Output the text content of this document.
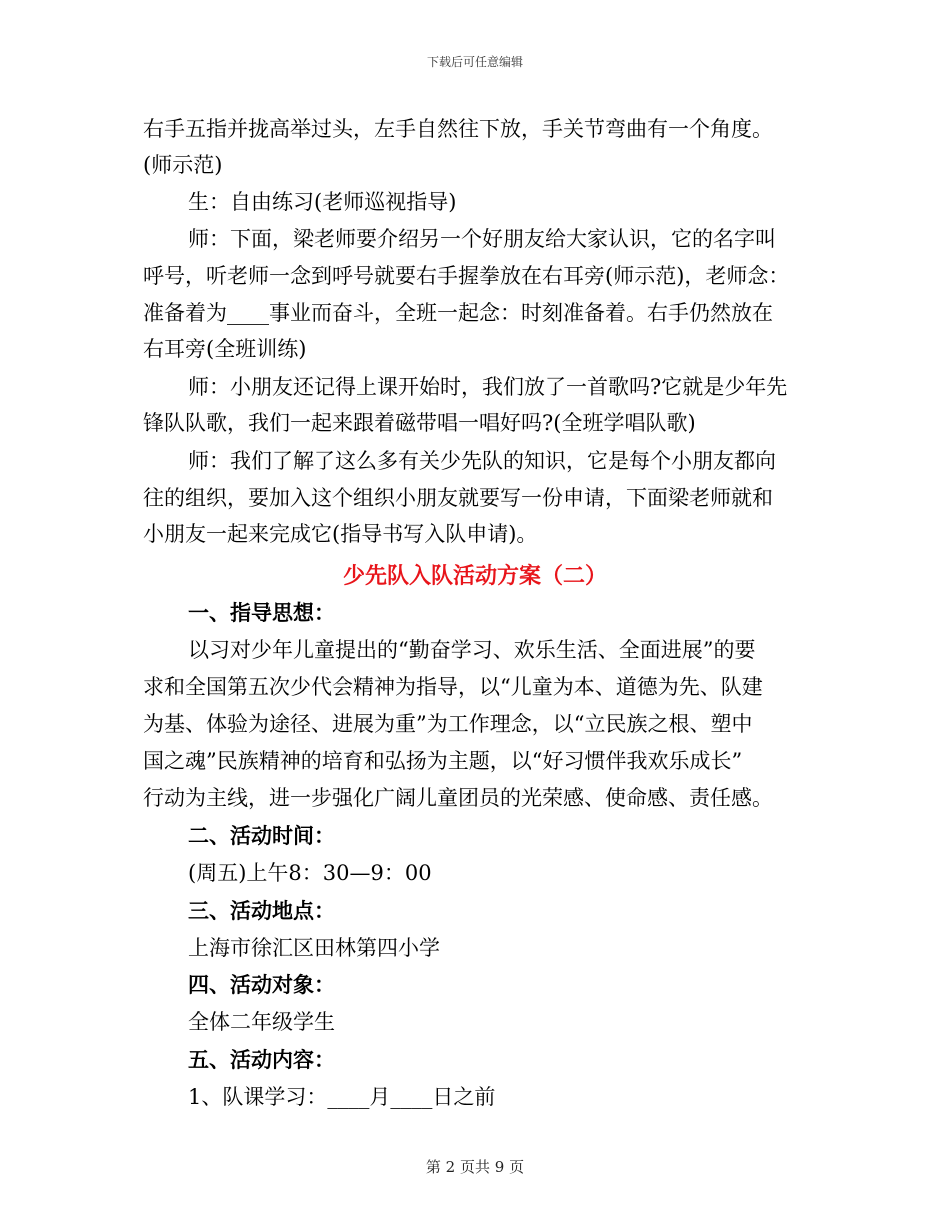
下载后可任意编辑
右手五指并拢高举过头，左手自然往下放，手关节弯曲有一个角度。
(师示范)
生：自由练习(老师巡视指导)
师：下面，梁老师要介绍另一个好朋友给大家认识，它的名字叫
呼号，听老师一念到呼号就要右手握拳放在右耳旁(师示范)，老师念：
准备着为____事业而奋斗，全班一起念：时刻准备着。右手仍然放在
右耳旁(全班训练)
师：小朋友还记得上课开始时，我们放了一首歌吗?它就是少年先
锋队队歌，我们一起来跟着磁带唱一唱好吗?(全班学唱队歌)
师：我们了解了这么多有关少先队的知识，它是每个小朋友都向
往的组织，要加入这个组织小朋友就要写一份申请，下面梁老师就和
小朋友一起来完成它(指导书写入队申请)。
少先队入队活动方案（二）
一、指导思想：
以习对少年儿童提出的“勤奋学习、欢乐生活、全面进展”的要
求和全国第五次少代会精神为指导，以“儿童为本、道德为先、队建
为基、体验为途径、进展为重”为工作理念，以“立民族之根、塑中
国之魂”民族精神的培育和弘扬为主题，以“好习惯伴我欢乐成长”
行动为主线，进一步强化广阔儿童团员的光荣感、使命感、责任感。
二、活动时间：
(周五)上午8：30—9：00
三、活动地点：
上海市徐汇区田林第四小学
四、活动对象：
全体二年级学生
五、活动内容：
1、队课学习：____月____日之前
第 2 页共 9 页
